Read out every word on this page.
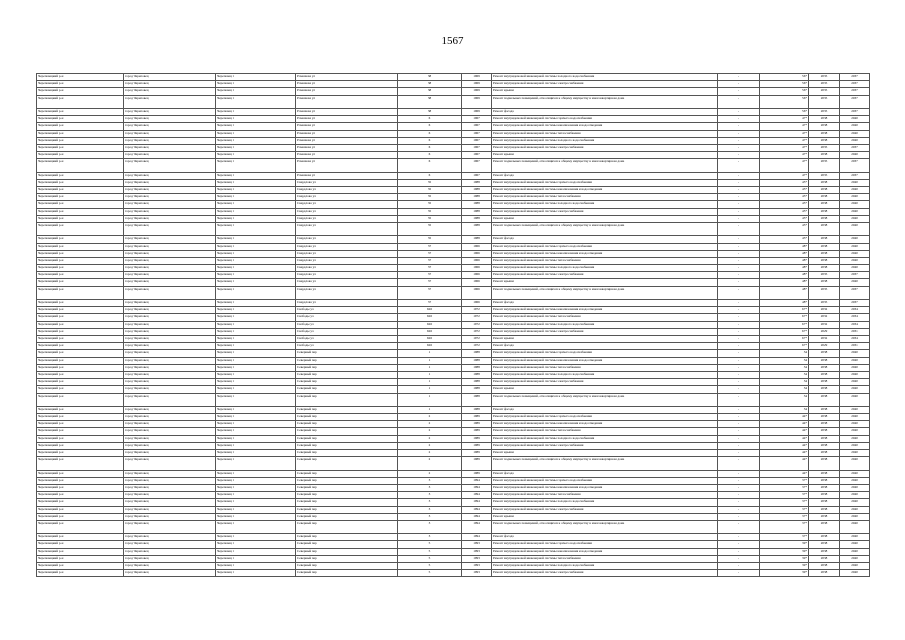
1567
Череповецкий р-н	город Череповец	Череповец г	Ромашова ул	38	1969	Ремонт внутридомовой инженерной системы холодного водоснабжения	-	56*	2035	2037
Череповецкий р-н	город Череповец	Череповец г	Ромашова ул	38	1969	Ремонт внутридомовой инженерной системы электроснабжения	-	56*	2035	2037
Череповецкий р-н	город Череповец	Череповец г	Ромашова ул	38	1969	Ремонт крыши	-	56*	2035	2037
Череповецкий р-н	город Череповец	Череповец г	Ромашова ул	38	1969	Ремонт подвальных помещений, относящихся к общему имуществу в многоквартирном доме	-	56*	2035	2037
Череповецкий р-н	город Череповец	Череповец г	Ромашова ул	38	1969	Ремонт фасада	-	56*	2035	2037
Череповецкий р-н	город Череповец	Череповец г	Ромашова ул	6	1967	Ремонт внутридомовой инженерной системы горячего водоснабжения	-	47*	2038	2040
Череповецкий р-н	город Череповец	Череповец г	Ромашова ул	6	1967	Ремонт внутридомовой инженерной системы канализования и водоотведения	-	47*	2038	2040
Череповецкий р-н	город Череповец	Череповец г	Ромашова ул	6	1967	Ремонт внутридомовой инженерной системы теплоснабжения	-	47*	2038	2040
Череповецкий р-н	город Череповец	Череповец г	Ромашова ул	6	1967	Ремонт внутридомовой инженерной системы холодного водоснабжения	-	47*	2038	2040
Череповецкий р-н	город Череповец	Череповец г	Ромашова ул	6	1967	Ремонт внутридомовой инженерной системы электроснабжения	-	47*	2035	2037
Череповецкий р-н	город Череповец	Череповец г	Ромашова ул	6	1967	Ремонт крыши	-	47*	2038	2040
Череповецкий р-н	город Череповец	Череповец г	Ромашова ул	6	1967	Ремонт подвальных помещений, относящихся к общему имуществу в многоквартирном доме	-	47*	2035	2037
Череповецкий р-н	город Череповец	Череповец г	Ромашова ул	6	1967	Ремонт фасада	-	47*	2035	2037
Череповецкий р-н	город Череповец	Череповец г	Свердлова ул	35	1988	Ремонт внутридомовой инженерной системы горячего водоснабжения	-	45*	2038	2040
Череповецкий р-н	город Череповец	Череповец г	Свердлова ул	35	1988	Ремонт внутридомовой инженерной системы канализования и водоотведения	-	45*	2038	2040
Череповецкий р-н	город Череповец	Череповец г	Свердлова ул	35	1988	Ремонт внутридомовой инженерной системы теплоснабжения	-	45*	2038	2040
Череповецкий р-н	город Череповец	Череповец г	Свердлова ул	35	1988	Ремонт внутридомовой инженерной системы холодного водоснабжения	-	45*	2038	2040
Череповецкий р-н	город Череповец	Череповец г	Свердлова ул	35	1988	Ремонт внутридомовой инженерной системы электроснабжения	-	45*	2038	2040
Череповецкий р-н	город Череповец	Череповец г	Свердлова ул	35	1988	Ремонт крыши	-	45*	2038	2040
Череповецкий р-н	город Череповец	Череповец г	Свердлова ул	35	1988	Ремонт подвальных помещений, относящихся к общему имуществу в многоквартирном доме	-	45*	2038	2040
Череповецкий р-н	город Череповец	Череповец г	Свердлова ул	35	1988	Ремонт фасада	-	45*	2038	2040
Череповецкий р-н	город Череповец	Череповец г	Свердлова ул	37	1966	Ремонт внутридомовой инженерной системы горячего водоснабжения	-	48*	2038	2040
Череповецкий р-н	город Череповец	Череповец г	Свердлова ул	37	1966	Ремонт внутридомовой инженерной системы канализования и водоотведения	-	48*	2038	2040
Череповецкий р-н	город Череповец	Череповец г	Свердлова ул	37	1966	Ремонт внутридомовой инженерной системы теплоснабжения	-	48*	2038	2040
Череповецкий р-н	город Череповец	Череповец г	Свердлова ул	37	1966	Ремонт внутридомовой инженерной системы холодного водоснабжения	-	48*	2038	2040
Череповецкий р-н	город Череповец	Череповец г	Свердлова ул	37	1966	Ремонт внутридомовой инженерной системы электроснабжения	-	48*	2035	2037
Череповецкий р-н	город Череповец	Череповец г	Свердлова ул	37	1966	Ремонт крыши	-	48*	2038	2040
Череповецкий р-н	город Череповец	Череповец г	Свердлова ул	37	1966	Ремонт подвальных помещений, относящихся к общему имуществу в многоквартирном доме	-	48*	2035	2037
Череповецкий р-н	город Череповец	Череповец г	Свердлова ул	37	1966	Ремонт фасада	-	48*	2035	2037
Череповецкий р-н	город Череповец	Череповец г	Свободы ул	626	1972	Ремонт внутридомовой инженерной системы канализования и водоотведения	-	67*	2032	2034
Череповецкий р-н	город Череповец	Череповец г	Свободы ул	626	1972	Ремонт внутридомовой инженерной системы теплоснабжения	-	67*	2032	2034
Череповецкий р-н	город Череповец	Череповец г	Свободы ул	626	1972	Ремонт внутридомовой инженерной системы холодного водоснабжения	-	67*	2032	2034
Череповецкий р-н	город Череповец	Череповец г	Свободы ул	626	1972	Ремонт внутридомовой инженерной системы электроснабжения	-	67*	2029	2031
Череповецкий р-н	город Череповец	Череповец г	Свободы ул	626	1972	Ремонт крыши	-	67*	2032	2034
Череповецкий р-н	город Череповец	Череповец г	Свободы ул	626	1972	Ремонт фасада	-	67*	2029	2031
Череповецкий р-н	город Череповец	Череповец г	Северный пер	1	1988	Ремонт внутридомовой инженерной системы горячего водоснабжения	-	34	2038	2040
Череповецкий р-н	город Череповец	Череповец г	Северный пер	1	1988	Ремонт внутридомовой инженерной системы канализования и водоотведения	-	34	2038	2040
Череповецкий р-н	город Череповец	Череповец г	Северный пер	1	1988	Ремонт внутридомовой инженерной системы теплоснабжения	-	34	2038	2040
Череповецкий р-н	город Череповец	Череповец г	Северный пер	1	1988	Ремонт внутридомовой инженерной системы холодного водоснабжения	-	34	2038	2040
Череповецкий р-н	город Череповец	Череповец г	Северный пер	1	1988	Ремонт внутридомовой инженерной системы электроснабжения	-	34	2038	2040
Череповецкий р-н	город Череповец	Череповец г	Северный пер	1	1988	Ремонт крыши	-	34	2038	2040
Череповецкий р-н	город Череповец	Череповец г	Северный пер	1	1988	Ремонт подвальных помещений, относящихся к общему имуществу в многоквартирном доме	-	34	2038	2040
Череповецкий р-н	город Череповец	Череповец г	Северный пер	1	1988	Ремонт фасада	-	34	2038	2040
Череповецкий р-н	город Череповец	Череповец г	Северный пер	2	1989	Ремонт внутридомовой инженерной системы горячего водоснабжения	-	44*	2038	2040
Череповецкий р-н	город Череповец	Череповец г	Северный пер	2	1989	Ремонт внутридомовой инженерной системы канализования и водоотведения	-	44*	2038	2040
Череповецкий р-н	город Череповец	Череповец г	Северный пер	2	1989	Ремонт внутридомовой инженерной системы теплоснабжения	-	44*	2038	2040
Череповецкий р-н	город Череповец	Череповец г	Северный пер	2	1989	Ремонт внутридомовой инженерной системы холодного водоснабжения	-	44*	2038	2040
Череповецкий р-н	город Череповец	Череповец г	Северный пер	2	1989	Ремонт внутридомовой инженерной системы электроснабжения	-	44*	2038	2040
Череповецкий р-н	город Череповец	Череповец г	Северный пер	2	1989	Ремонт крыши	-	44*	2038	2040
Череповецкий р-н	город Череповец	Череповец г	Северный пер	2	1989	Ремонт подвальных помещений, относящихся к общему имуществу в многоквартирном доме	-	44*	2038	2040
Череповецкий р-н	город Череповец	Череповец г	Северный пер	2	1989	Ремонт фасада	-	44*	2038	2040
Череповецкий р-н	город Череповец	Череповец г	Северный пер	3	1994	Ремонт внутридомовой инженерной системы горячего водоснабжения	-	37*	2038	2040
Череповецкий р-н	город Череповец	Череповец г	Северный пер	3	1994	Ремонт внутридомовой инженерной системы канализования и водоотведения	-	37*	2038	2040
Череповецкий р-н	город Череповец	Череповец г	Северный пер	3	1994	Ремонт внутридомовой инженерной системы теплоснабжения	-	37*	2038	2040
Череповецкий р-н	город Череповец	Череповец г	Северный пер	3	1994	Ремонт внутридомовой инженерной системы холодного водоснабжения	-	37*	2038	2040
Череповецкий р-н	город Череповец	Череповец г	Северный пер	3	1994	Ремонт внутридомовой инженерной системы электроснабжения	-	37*	2038	2040
Череповецкий р-н	город Череповец	Череповец г	Северный пер	3	1994	Ремонт крыши	-	37*	2038	2040
Череповецкий р-н	город Череповец	Череповец г	Северный пер	3	1994	Ремонт подвальных помещений, относящихся к общему имуществу в многоквартирном доме	-	37*	2038	2040
Череповецкий р-н	город Череповец	Череповец г	Северный пер	3	1994	Ремонт фасада	-	37*	2038	2040
Череповецкий р-н	город Череповец	Череповец г	Северный пер	5	1993	Ремонт внутридомовой инженерной системы горячего водоснабжения	-	39*	2038	2040
Череповецкий р-н	город Череповец	Череповец г	Северный пер	5	1993	Ремонт внутридомовой инженерной системы канализования и водоотведения	-	39*	2038	2040
Череповецкий р-н	город Череповец	Череповец г	Северный пер	5	1993	Ремонт внутридомовой инженерной системы теплоснабжения	-	39*	2038	2040
Череповецкий р-н	город Череповец	Череповец г	Северный пер	5	1993	Ремонт внутридомовой инженерной системы холодного водоснабжения	-	39*	2038	2040
Череповецкий р-н	город Череповец	Череповец г	Северный пер	5	1993	Ремонт внутридомовой инженерной системы электроснабжения	-	39*	2038	2040
